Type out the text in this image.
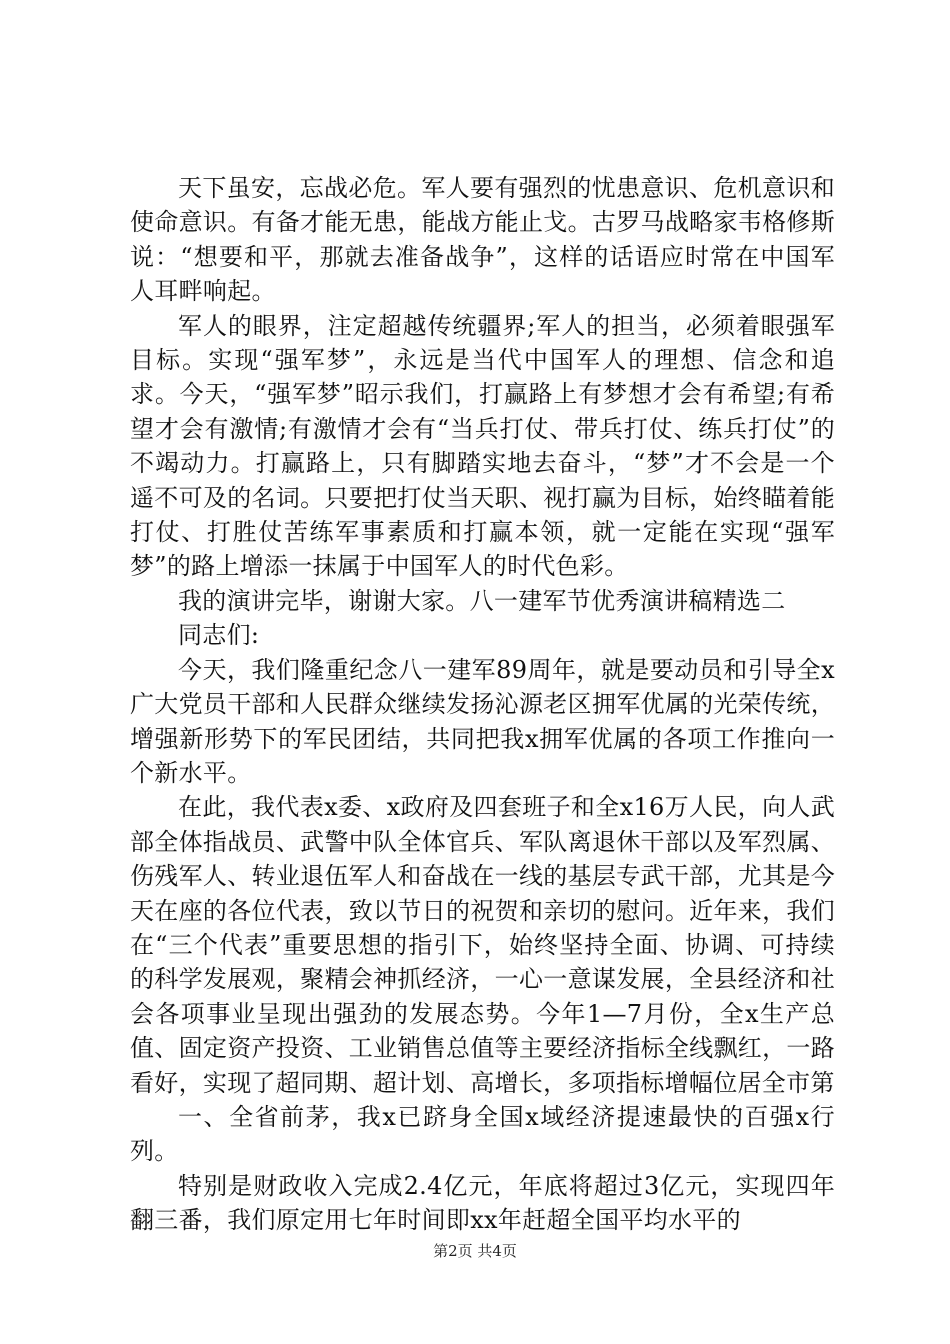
天下虽安，忘战必危。军人要有强烈的忧患意识、危机意识和使命意识。有备才能无患，能战方能止戈。古罗马战略家韦格修斯说：“想要和平，那就去准备战争”，这样的话语应时常在中国军人耳畔响起。

军人的眼界，注定超越传统疆界;军人的担当，必须着眼强军目标。实现“强军梦”，永远是当代中国军人的理想、信念和追求。今天，“强军梦”昭示我们，打赢路上有梦想才会有希望;有希望才会有激情;有激情才会有“当兵打仗、带兵打仗、练兵打仗”的不竭动力。打赢路上，只有脚踏实地去奋斗，“梦”才不会是一个遥不可及的名词。只要把打仗当天职、视打赢为目标，始终瞄着能打仗、打胜仗苦练军事素质和打赢本领，就一定能在实现“强军梦”的路上增添一抹属于中国军人的时代色彩。

我的演讲完毕，谢谢大家。八一建军节优秀演讲稿精选二

同志们:

今天，我们隆重纪念八一建军89周年，就是要动员和引导全x广大党员干部和人民群众继续发扬沁源老区拥军优属的光荣传统，增强新形势下的军民团结，共同把我x拥军优属的各项工作推向一个新水平。

在此，我代表x委、x政府及四套班子和全x16万人民，向人武部全体指战员、武警中队全体官兵、军队离退休干部以及军烈属、伤残军人、转业退伍军人和奋战在一线的基层专武干部，尤其是今天在座的各位代表，致以节日的祝贺和亲切的慰问。近年来，我们在“三个代表”重要思想的指引下，始终坚持全面、协调、可持续的科学发展观，聚精会神抓经济，一心一意谋发展，全县经济和社会各项事业呈现出强劲的发展态势。今年1—7月份，全x生产总值、固定资产投资、工业销售总值等主要经济指标全线飘红，一路看好，实现了超同期、超计划、高增长，多项指标增幅位居全市第

一、全省前茅，我x已跻身全国x域经济提速最快的百强x行列。

特别是财政收入完成2.4亿元，年底将超过3亿元，实现四年翻三番，我们原定用七年时间即xx年赶超全国平均水平的

第2页 共4页
